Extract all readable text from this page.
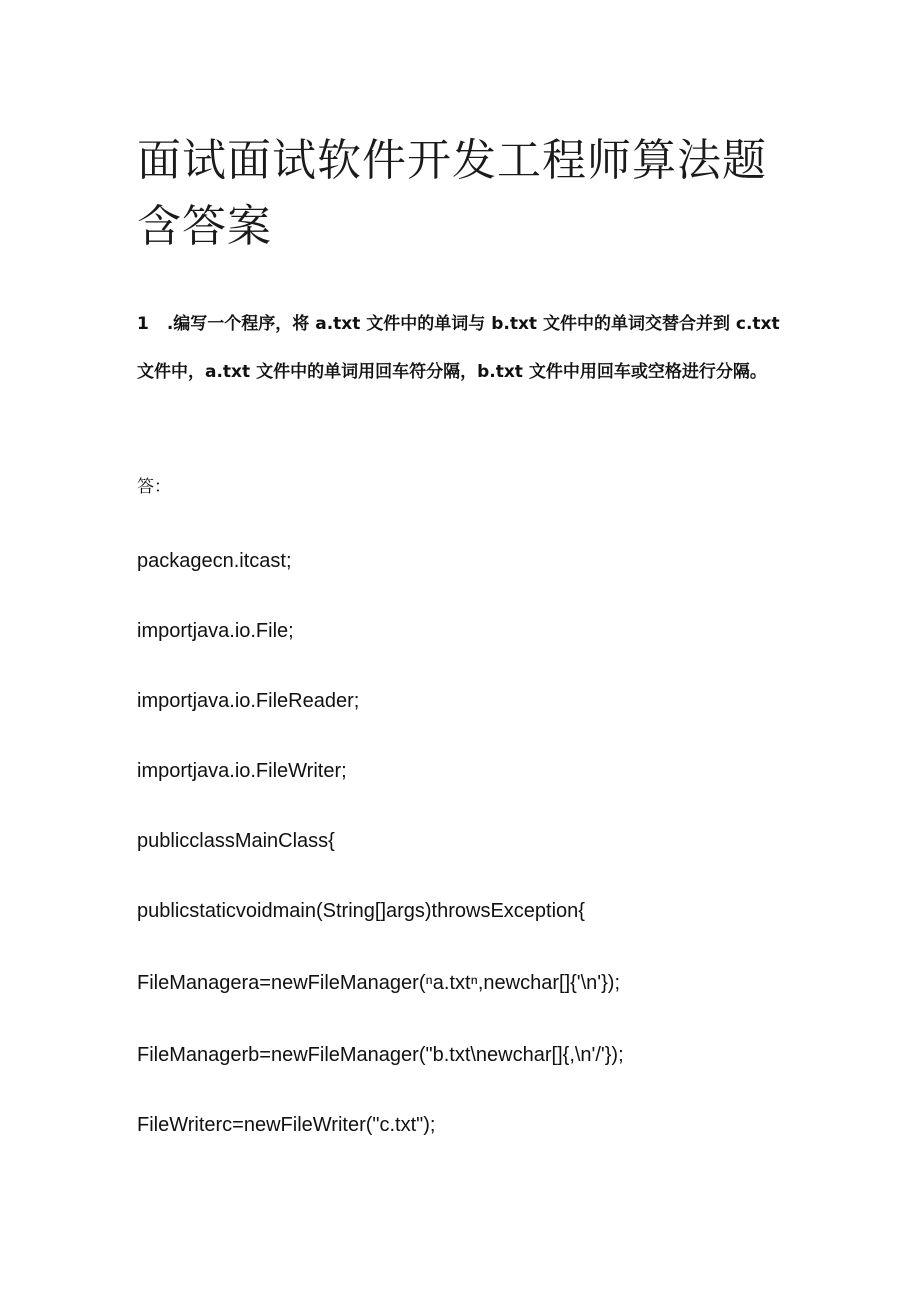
面试面试软件开发工程师算法题含答案

1 .编写一个程序，将 a.txt 文件中的单词与 b.txt 文件中的单词交替合并到 c.txt 文件中，a.txt 文件中的单词用回车符分隔，b.txt 文件中用回车或空格进行分隔。

答：
packagecn.itcast;
importjava.io.File;
importjava.io.FileReader;
importjava.io.FileWriter;
publicclassMainClass{
publicstaticvoidmain(String[]args)throwsException{
FileManagera=newFileManager(ⁿa.txtⁿ,newchar[]{'\n'});
FileManagerb=newFileManager("b.txt\newchar[]{,\n'/'});
FileWriterc=newFileWriter("c.txt");
